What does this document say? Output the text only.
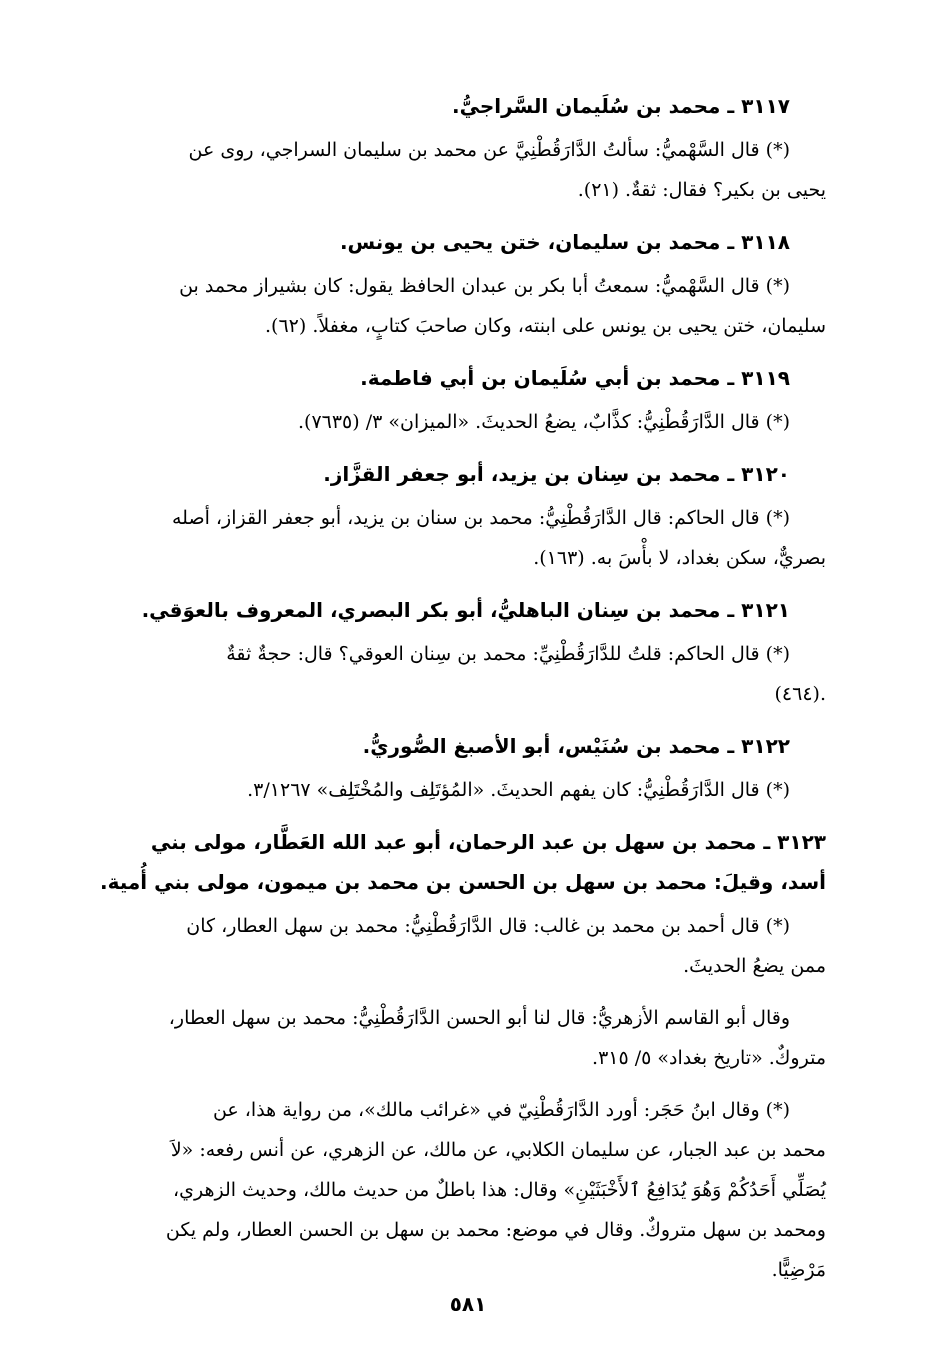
٣١١٧ ـ محمد بن سُلَيمان السَّراجيُّ.

(*) قال السَّهْميُّ: سألتُ الدَّارَقُطْنِيَّ عن محمد بن سليمان السراجي، روى عن
يحيى بن بكير؟ فقال: ثقةٌ. (٢١).

٣١١٨ ـ محمد بن سليمان، ختن يحيى بن يونس.

(*) قال السَّهْميُّ: سمعتُ أبا بكر بن عبدان الحافظ يقول: كان بشيراز محمد بن
سليمان، ختن يحيى بن يونس على ابنته، وكان صاحبَ كتابٍ، مغفلاً. (٦٢).

٣١١٩ ـ محمد بن أبي سُلَيمان بن أبي فاطمة.

(*) قال الدَّارَقُطْنِيُّ: كذَّابٌ، يضعُ الحديثَ. «الميزان» ٣/ (٧٦٣٥).

٣١٢٠ ـ محمد بن سِنان بن يزيد، أبو جعفر القزَّاز.

(*) قال الحاكم: قال الدَّارَقُطْنِيُّ: محمد بن سنان بن يزيد، أبو جعفر القزاز، أصله
بصريٌّ، سكن بغداد، لا بأْسَ به. (١٦٣).

٣١٢١ ـ محمد بن سِنان الباهليُّ، أبو بكر البصري، المعروف بالعوَقي.

(*) قال الحاكم: قلتُ للدَّارَقُطْنِيِّ: محمد بن سِنان العوقي؟ قال: حجةٌ ثقةٌ
.(٤٦٤)

٣١٢٢ ـ محمد بن سُنَيْس، أبو الأصبغ الصُّوريُّ.

(*) قال الدَّارَقُطْنِيُّ: كان يفهم الحديثَ. «المُؤتَلِف والمُخْتَلِف» ٣/١٢٦٧.

٣١٢٣ ـ محمد بن سهل بن عبد الرحمان، أبو عبد الله العَطَّار، مولى بني أسد، وقيلَ: محمد بن سهل بن الحسن بن محمد بن ميمون، مولى بني أُمية.

(*) قال أحمد بن محمد بن غالب: قال الدَّارَقُطْنِيُّ: محمد بن سهل العطار، كان
ممن يضعُ الحديثَ.

وقال أبو القاسم الأزهريُّ: قال لنا أبو الحسن الدَّارَقُطْنِيُّ: محمد بن سهل العطار،
متروكٌ. «تاريخ بغداد» ٥/ ٣١٥.

(*) وقال ابنُ حَجَر: أورد الدَّارَقُطْنِيّ في «غرائب مالك»، من رواية هذا، عن
محمد بن عبد الجبار، عن سليمان الكلابي، عن مالك، عن الزهري، عن أنس رفعه: «لاَ
يُصَلِّي أَحَدُكُمْ وَهُوَ يُدَافِعُ ٱلأَخْبَثَيْنِ» وقال: هذا باطلٌ من حديث مالك، وحديث الزهري،
ومحمد بن سهل متروكٌ. وقال في موضع: محمد بن سهل بن الحسن العطار، ولم يكن
مَرْضِيًّا.

٥٨١
